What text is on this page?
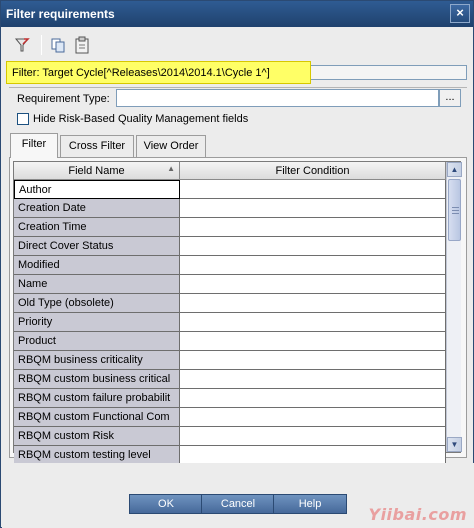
Filter requirements	×
Filter: Target Cycle[^Releases\2014\2014.1\Cycle 1^]
Requirement Type:	...
Hide Risk-Based Quality Management fields
Filter	Cross Filter	View Order
Field Name	▲	Filter Condition
Author
Creation Date
Creation Time
Direct Cover Status
Modified
Name
Old Type (obsolete)
Priority
Product
RBQM business criticality
RBQM custom business critical
RBQM custom failure probabilit
RBQM custom Functional Com
RBQM custom Risk
RBQM custom testing level
▲
▼
OK	Cancel	Help
Yiibai.com
